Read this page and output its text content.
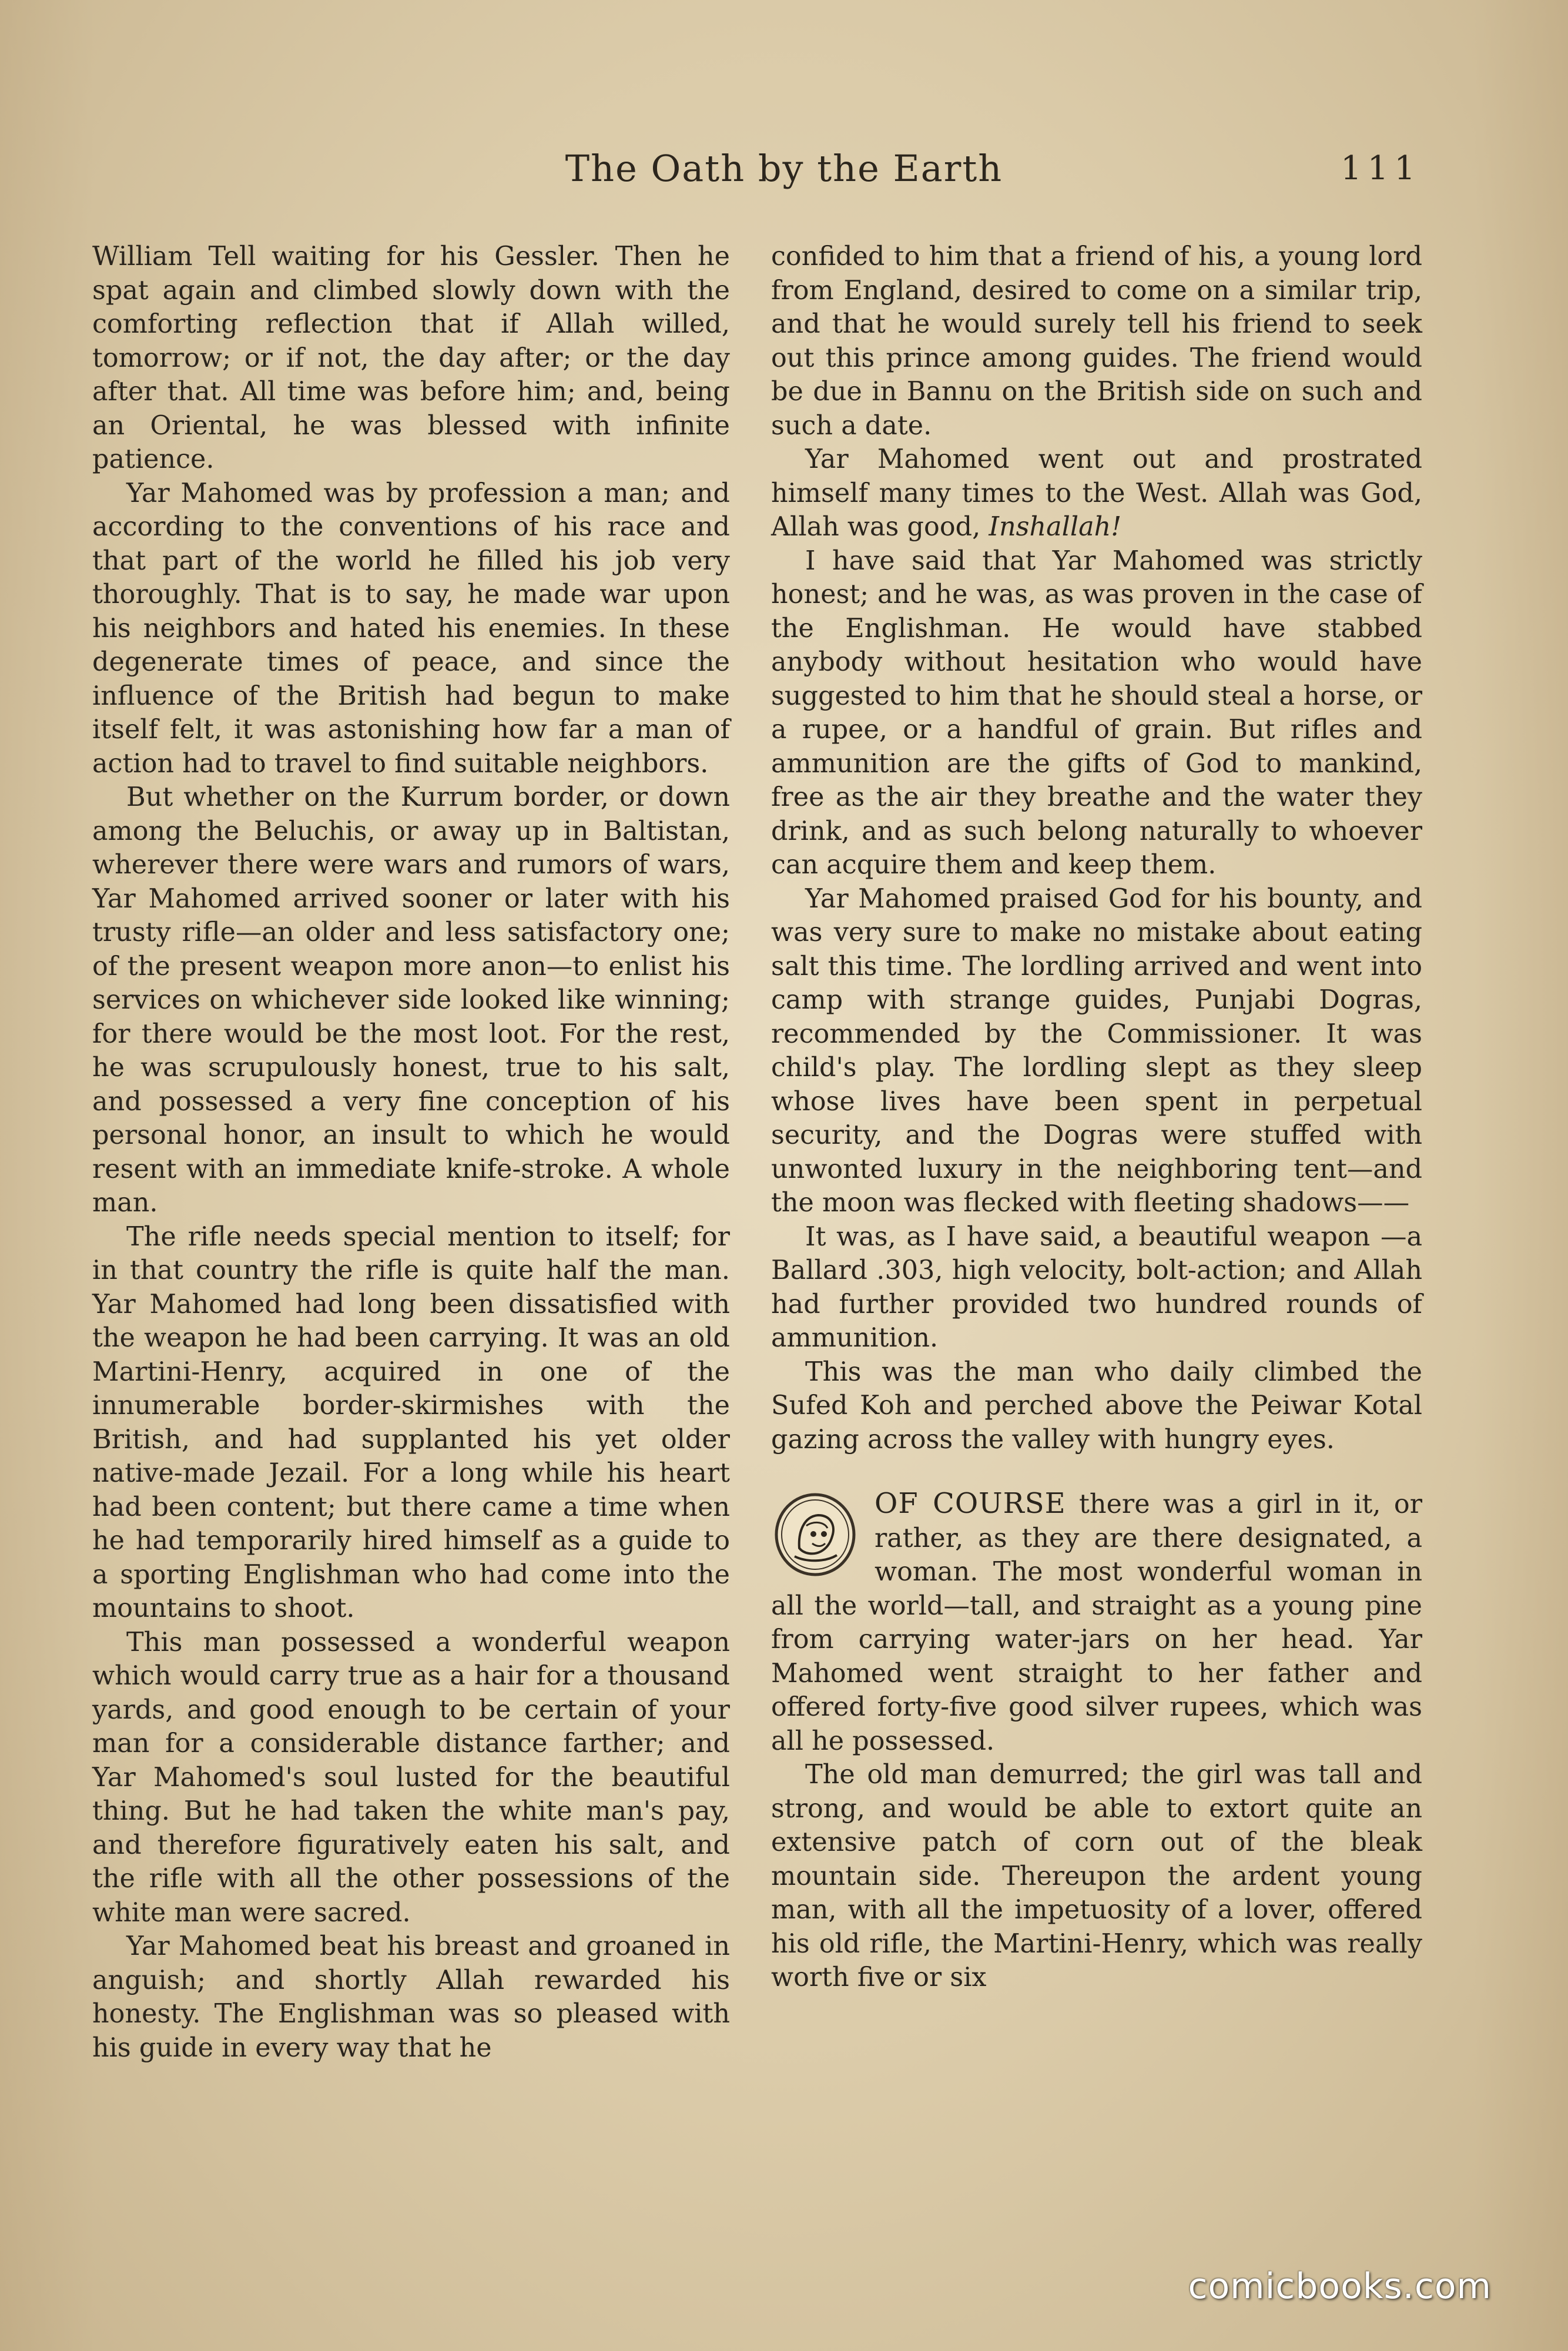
The Oath by the Earth	111

William Tell waiting for his Gessler. Then he spat again and climbed slowly down with the comforting reflection that if Allah willed, tomorrow; or if not, the day after; or the day after that. All time was before him; and, being an Oriental, he was blessed with infinite patience.

Yar Mahomed was by profession a man; and according to the conventions of his race and that part of the world he filled his job very thoroughly. That is to say, he made war upon his neighbors and hated his enemies. In these degenerate times of peace, and since the influence of the British had begun to make itself felt, it was astonishing how far a man of action had to travel to find suitable neighbors.

But whether on the Kurrum border, or down among the Beluchis, or away up in Baltistan, wherever there were wars and rumors of wars, Yar Mahomed arrived sooner or later with his trusty rifle—an older and less satisfactory one; of the present weapon more anon—to enlist his services on whichever side looked like winning; for there would be the most loot. For the rest, he was scrupulously honest, true to his salt, and possessed a very fine conception of his personal honor, an insult to which he would resent with an immediate knife-stroke. A whole man.

The rifle needs special mention to itself; for in that country the rifle is quite half the man. Yar Mahomed had long been dissatisfied with the weapon he had been carrying. It was an old Martini-Henry, acquired in one of the innumerable border-skirmishes with the British, and had supplanted his yet older native-made Jezail. For a long while his heart had been content; but there came a time when he had temporarily hired himself as a guide to a sporting Englishman who had come into the mountains to shoot.

This man possessed a wonderful weapon which would carry true as a hair for a thousand yards, and good enough to be certain of your man for a considerable distance farther; and Yar Mahomed's soul lusted for the beautiful thing. But he had taken the white man's pay, and therefore figuratively eaten his salt, and the rifle with all the other possessions of the white man were sacred.

Yar Mahomed beat his breast and groaned in anguish; and shortly Allah rewarded his honesty. The Englishman was so pleased with his guide in every way that he

confided to him that a friend of his, a young lord from England, desired to come on a similar trip, and that he would surely tell his friend to seek out this prince among guides. The friend would be due in Bannu on the British side on such and such a date.

Yar Mahomed went out and prostrated himself many times to the West. Allah was God, Allah was good, Inshallah!

I have said that Yar Mahomed was strictly honest; and he was, as was proven in the case of the Englishman. He would have stabbed anybody without hesitation who would have suggested to him that he should steal a horse, or a rupee, or a handful of grain. But rifles and ammunition are the gifts of God to mankind, free as the air they breathe and the water they drink, and as such belong naturally to whoever can acquire them and keep them.

Yar Mahomed praised God for his bounty, and was very sure to make no mistake about eating salt this time. The lordling arrived and went into camp with strange guides, Punjabi Dogras, recommended by the Commissioner. It was child's play. The lordling slept as they sleep whose lives have been spent in perpetual security, and the Dogras were stuffed with unwonted luxury in the neighboring tent—and the moon was flecked with fleeting shadows——

It was, as I have said, a beautiful weapon —a Ballard .303, high velocity, bolt-action; and Allah had further provided two hundred rounds of ammunition.

This was the man who daily climbed the Sufed Koh and perched above the Peiwar Kotal gazing across the valley with hungry eyes.

OF COURSE there was a girl in it, or rather, as they are there designated, a woman. The most wonderful woman in all the world—tall, and straight as a young pine from carrying water-jars on her head. Yar Mahomed went straight to her father and offered forty-five good silver rupees, which was all he possessed.

The old man demurred; the girl was tall and strong, and would be able to extort quite an extensive patch of corn out of the bleak mountain side. Thereupon the ardent young man, with all the impetuosity of a lover, offered his old rifle, the Martini-Henry, which was really worth five or six

comicbooks.com
